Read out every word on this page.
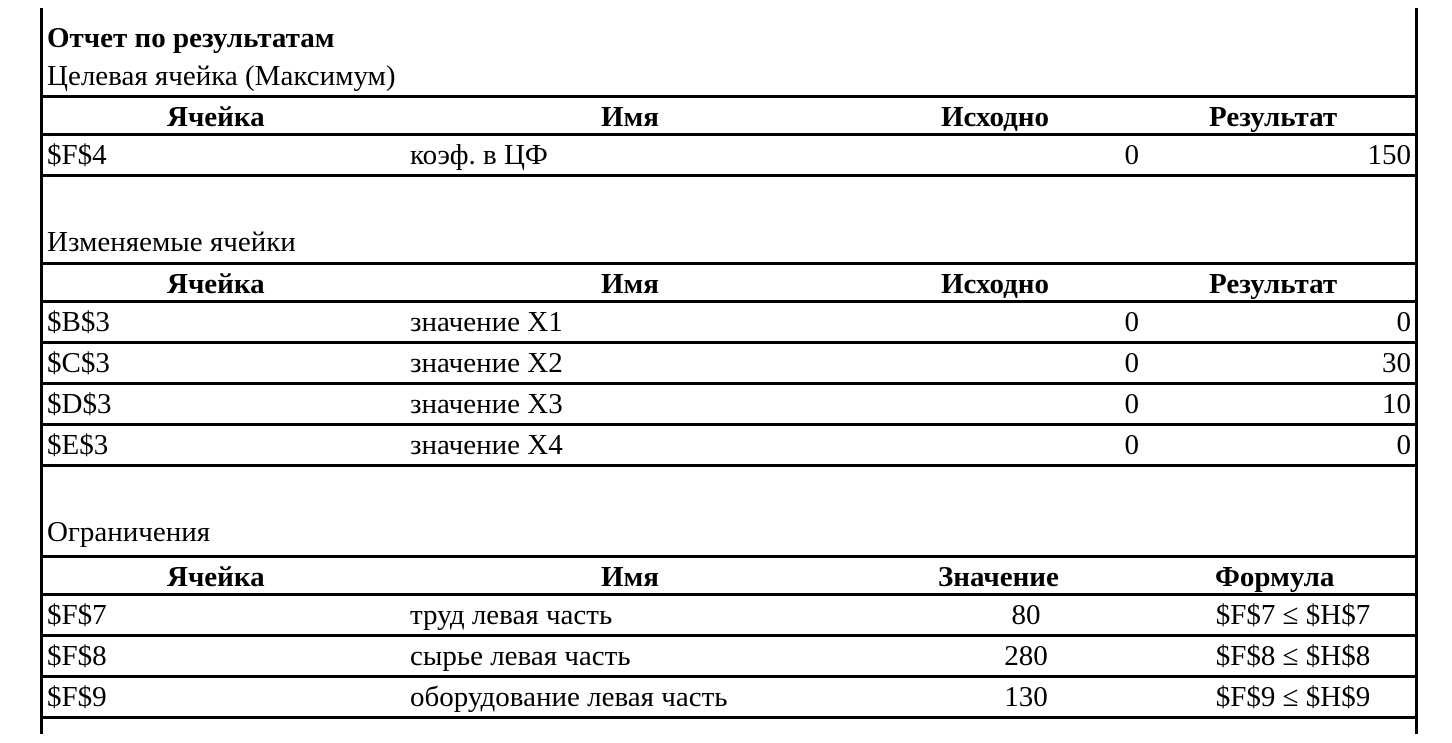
Отчет по результатам
Целевая ячейка (Максимум)
Ячейка	Имя	Исходно	Результат
$F$4	коэф. в ЦФ	0	150
Изменяемые ячейки
Ячейка	Имя	Исходно	Результат
$B$3	значение X1	0	0
$C$3	значение X2	0	30
$D$3	значение X3	0	10
$E$3	значение X4	0	0
Ограничения
Ячейка	Имя	Значение	Формула
$F$7	труд левая часть	80	$F$7 ≤ $H$7
$F$8	сырье левая часть	280	$F$8 ≤ $H$8
$F$9	оборудование левая часть	130	$F$9 ≤ $H$9
